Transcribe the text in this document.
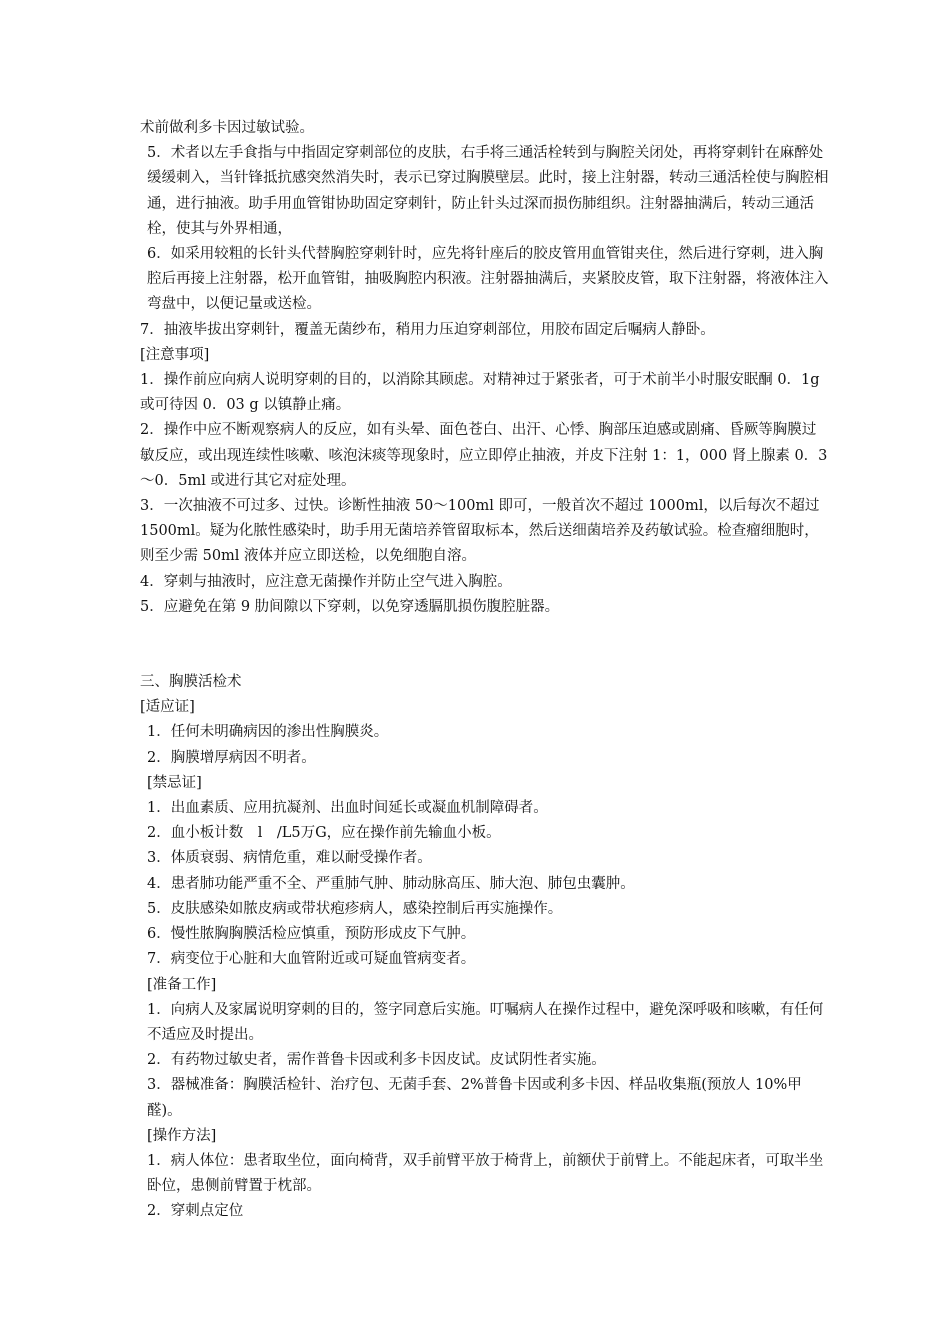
术前做利多卡因过敏试验。

5．术者以左手食指与中指固定穿刺部位的皮肤，右手将三通活栓转到与胸腔关闭处，再将穿刺针在麻醉处缓缓刺入，当针锋抵抗感突然消失时，表示已穿过胸膜壁层。此时，接上注射器，转动三通活栓使与胸腔相通，进行抽液。助手用血管钳协助固定穿刺针，防止针头过深而损伤肺组织。注射器抽满后，转动三通活栓，使其与外界相通，

6．如采用较粗的长针头代替胸腔穿刺针时，应先将针座后的胶皮管用血管钳夹住，然后进行穿刺，进入胸腔后再接上注射器，松开血管钳，抽吸胸腔内积液。注射器抽满后，夹紧胶皮管，取下注射器，将液体注入弯盘中，以便记量或送检。

7．抽液毕拔出穿刺针，覆盖无菌纱布，稍用力压迫穿刺部位，用胶布固定后嘱病人静卧。

[注意事项]

1．操作前应向病人说明穿刺的目的，以消除其顾虑。对精神过于紧张者，可于术前半小时服安眠酮 0．1g 或可待因 0．03 g 以镇静止痛。

2．操作中应不断观察病人的反应，如有头晕、面色苍白、出汗、心悸、胸部压迫感或剧痛、昏厥等胸膜过敏反应，或出现连续性咳嗽、咳泡沫痰等现象时，应立即停止抽液，并皮下注射 1：1，000 肾上腺素 0．3～0．5ml 或进行其它对症处理。

3．一次抽液不可过多、过快。诊断性抽液 50～100ml 即可，一般首次不超过 1000ml，以后每次不超过 1500ml。疑为化脓性感染时，助手用无菌培养管留取标本，然后送细菌培养及药敏试验。检查瘤细胞时，则至少需 50ml 液体并应立即送检，以免细胞自溶。

4．穿刺与抽液时，应注意无菌操作并防止空气进入胸腔。

5．应避免在第 9 肋间隙以下穿刺，以免穿透膈肌损伤腹腔脏器。

三、胸膜活检术

[适应证]

1．任何未明确病因的渗出性胸膜炎。

2．胸膜增厚病因不明者。

[禁忌证]

1．出血素质、应用抗凝剂、出血时间延长或凝血机制障碍者。

2．血小板计数　l　/L5万G，应在操作前先输血小板。

3．体质衰弱、病情危重，难以耐受操作者。

4．患者肺功能严重不全、严重肺气肿、肺动脉高压、肺大泡、肺包虫囊肿。

5．皮肤感染如脓皮病或带状疱疹病人，感染控制后再实施操作。

6．慢性脓胸胸膜活检应慎重，预防形成皮下气肿。

7．病变位于心脏和大血管附近或可疑血管病变者。

[准备工作]

1．向病人及家属说明穿刺的目的，签字同意后实施。叮嘱病人在操作过程中，避免深呼吸和咳嗽，有任何不适应及时提出。

2．有药物过敏史者，需作普鲁卡因或利多卡因皮试。皮试阴性者实施。

3．器械准备：胸膜活检针、治疗包、无菌手套、2%普鲁卡因或利多卡因、样品收集瓶(预放人 10%甲醛)。

[操作方法]

1．病人体位：患者取坐位，面向椅背，双手前臂平放于椅背上，前额伏于前臂上。不能起床者，可取半坐卧位，患侧前臂置于枕部。

2．穿刺点定位
